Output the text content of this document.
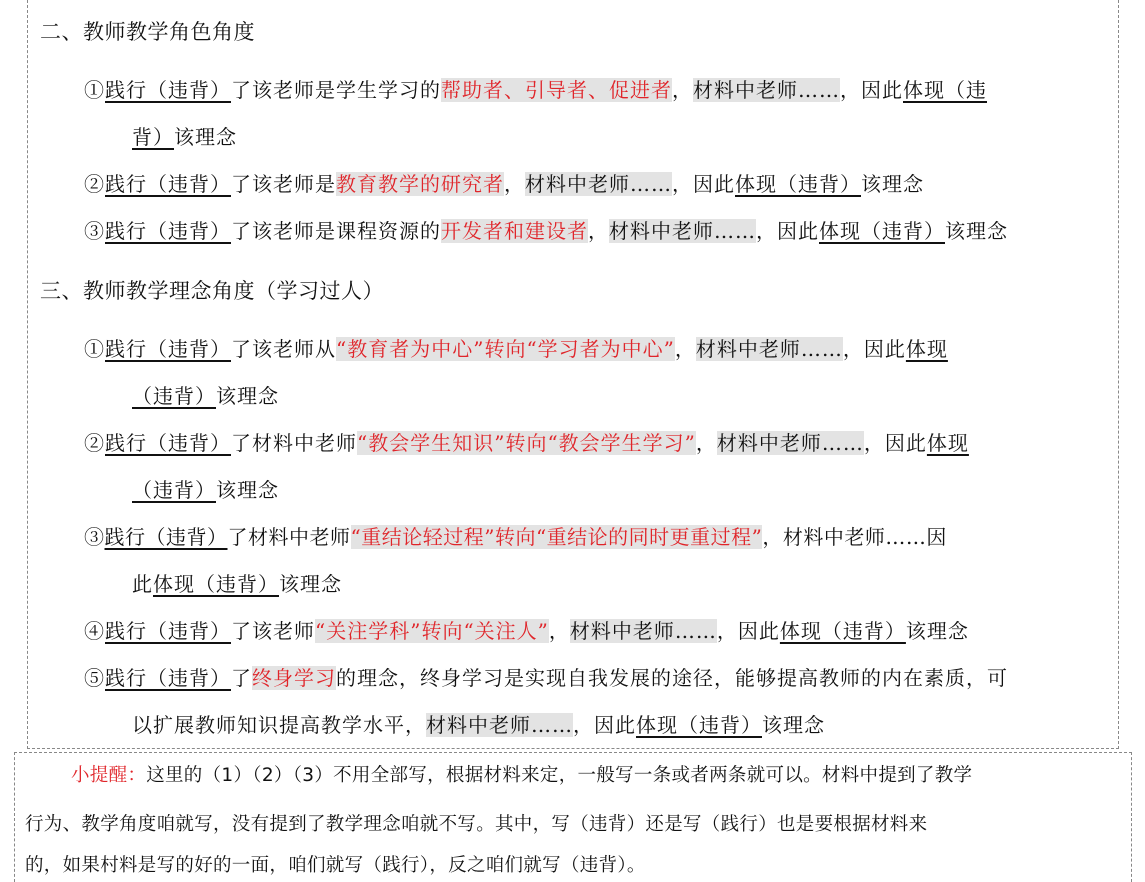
二、教师教学角色角度
①践行（违背）了该老师是学生学习的帮助者、引导者、促进者，材料中老师……，因此体现（违
背）该理念
②践行（违背）了该老师是教育教学的研究者，材料中老师……，因此体现（违背）该理念
③践行（违背）了该老师是课程资源的开发者和建设者，材料中老师……，因此体现（违背）该理念
三、教师教学理念角度（学习过人）
①践行（违背）了该老师从“教育者为中心”转向“学习者为中心”，材料中老师……，因此体现
（违背）该理念
②践行（违背）了材料中老师“教会学生知识”转向“教会学生学习”，材料中老师……，因此体现
（违背）该理念
③践行（违背）了材料中老师“重结论轻过程”转向“重结论的同时更重过程”，材料中老师……因
此体现（违背）该理念
④践行（违背）了该老师“关注学科”转向“关注人”，材料中老师……，因此体现（违背）该理念
⑤践行（违背）了终身学习的理念，终身学习是实现自我发展的途径，能够提高教师的内在素质，可
以扩展教师知识提高教学水平，材料中老师……，因此体现（违背）该理念
小提醒：这里的（1）（2）（3）不用全部写，根据材料来定，一般写一条或者两条就可以。材料中提到了教学
行为、教学角度咱就写，没有提到了教学理念咱就不写。其中，写（违背）还是写（践行）也是要根据材料来
的，如果村料是写的好的一面，咱们就写（践行），反之咱们就写（违背）。
